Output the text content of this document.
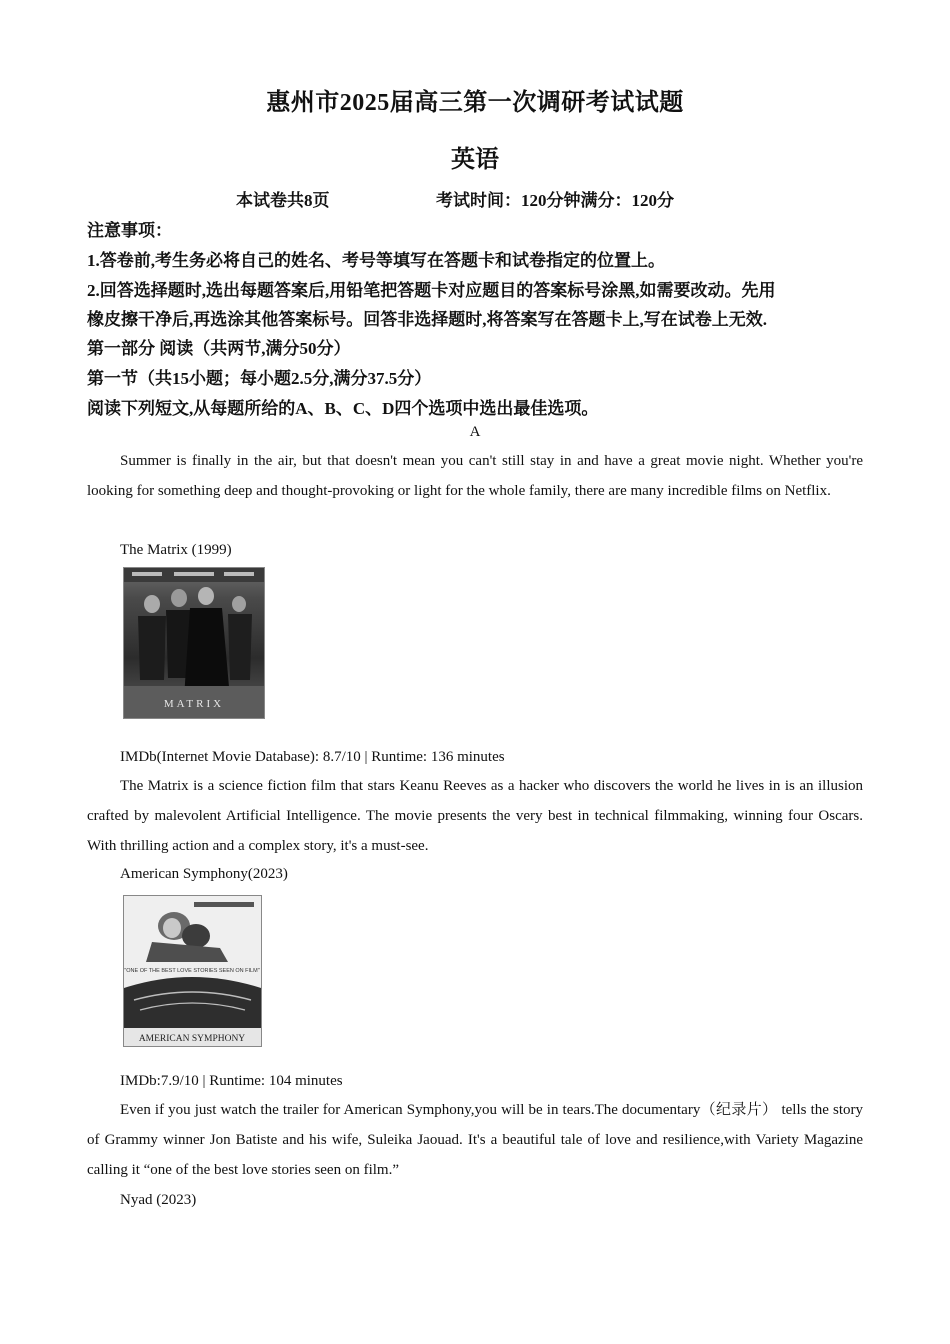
惠州市2025届高三第一次调研考试试题
英语
本试卷共8页	考试时间：120分钟满分：120分
注意事项：
1.答卷前,考生务必将自己的姓名、考号等填写在答题卡和试卷指定的位置上。
2.回答选择题时,选出每题答案后,用铅笔把答题卡对应题目的答案标号涂黑,如需要改动。先用
橡皮擦干净后,再选涂其他答案标号。回答非选择题时,将答案写在答题卡上,写在试卷上无效.
第一部分 阅读（共两节,满分50分）
第一节（共15小题；每小题2.5分,满分37.5分）
阅读下列短文,从每题所给的A、B、C、D四个选项中选出最佳选项。
A
Summer is finally in the air, but that doesn't mean you can't still stay in and have a great movie night. Whether you're looking for something deep and thought-provoking or light for the whole family, there are many incredible films on Netflix.
The Matrix (1999)
MATRIX
IMDb(Internet Movie Database): 8.7/10 | Runtime: 136 minutes
The Matrix is a science fiction film that stars Keanu Reeves as a hacker who discovers the world he lives in is an illusion crafted by malevolent Artificial Intelligence. The movie presents the very best in technical filmmaking, winning four Oscars. With thrilling action and a complex story, it's a must-see.
American Symphony(2023)
"ONE OF THE BEST LOVE STORIES SEEN ON FILM"
AMERICAN SYMPHONY
IMDb:7.9/10 | Runtime: 104 minutes
Even if you just watch the trailer for American Symphony,you will be in tears.The documentary（纪录片） tells the story of Grammy winner Jon Batiste and his wife, Suleika Jaouad. It's a beautiful tale of love and resilience,with Variety Magazine calling it “one of the best love stories seen on film.”
Nyad (2023)
